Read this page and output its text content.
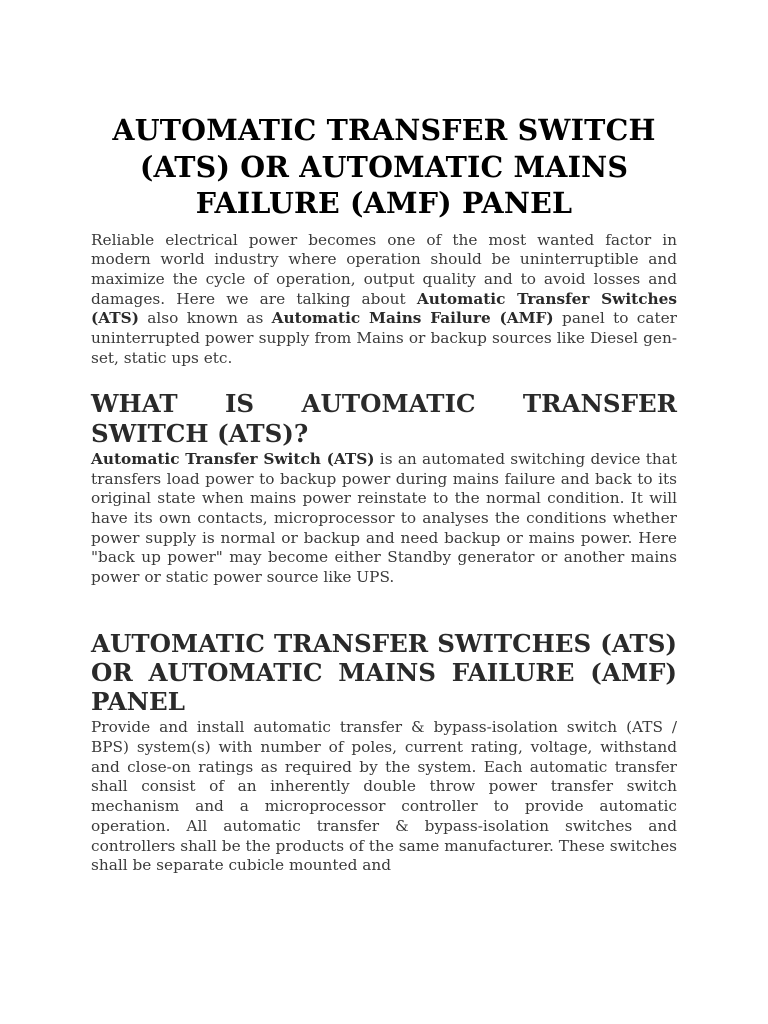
AUTOMATIC TRANSFER SWITCH (ATS) OR AUTOMATIC MAINS FAILURE (AMF) PANEL

Reliable electrical power becomes one of the most wanted factor in modern world industry where operation should be uninterruptible and maximize the cycle of operation, output quality and to avoid losses and damages. Here we are talking about Automatic Transfer Switches (ATS) also known as Automatic Mains Failure (AMF) panel to cater uninterrupted power supply from Mains or backup sources like Diesel gen-set, static ups etc.

WHAT IS AUTOMATIC TRANSFER
SWITCH (ATS)?

Automatic Transfer Switch (ATS) is an automated switching device that transfers load power to backup power during mains failure and back to its original state when mains power reinstate to the normal condition. It will have its own contacts, microprocessor to analyses the conditions whether power supply is normal or backup and need backup or mains power. Here "back up power" may become either Standby generator or another mains power or static power source like UPS.

AUTOMATIC TRANSFER SWITCHES (ATS) OR AUTOMATIC MAINS FAILURE (AMF) PANEL

Provide and install automatic transfer & bypass-isolation switch (ATS / BPS) system(s) with number of poles, current rating, voltage, withstand and close-on ratings as required by the system. Each automatic transfer shall consist of an inherently double throw power transfer switch mechanism and a microprocessor controller to provide automatic operation. All automatic transfer & bypass-isolation switches and controllers shall be the products of the same manufacturer. These switches shall be separate cubicle mounted and
